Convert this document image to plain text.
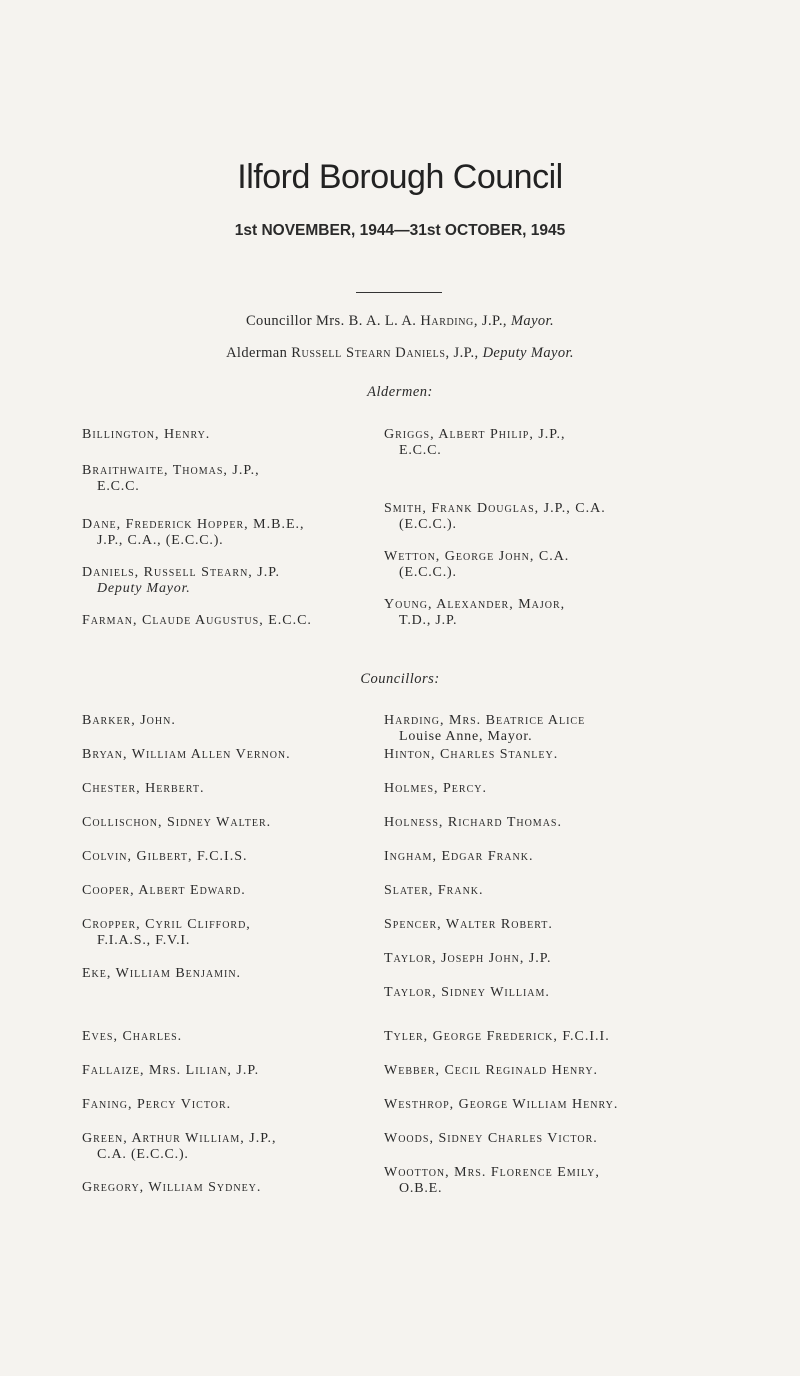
Ilford Borough Council
1st NOVEMBER, 1944—31st OCTOBER, 1945
Councillor Mrs. B. A. L. A. Harding, J.P., Mayor.
Alderman Russell Stearn Daniels, J.P., Deputy Mayor.
Aldermen:
Billington, Henry.
Braithwaite, Thomas, J.P.,
E.C.C.
Dane, Frederick Hopper, M.B.E.,
J.P., C.A., (E.C.C.).
Daniels, Russell Stearn, J.P.
Deputy Mayor.
Farman, Claude Augustus, E.C.C.
Griggs, Albert Philip, J.P.,
E.C.C.
Smith, Frank Douglas, J.P., C.A.
(E.C.C.).
Wetton, George John, C.A.
(E.C.C.).
Young, Alexander, Major,
T.D., J.P.
Councillors:
Barker, John.
Bryan, William Allen Vernon.
Chester, Herbert.
Collischon, Sidney Walter.
Colvin, Gilbert, F.C.I.S.
Cooper, Albert Edward.
Cropper, Cyril Clifford,
F.I.A.S., F.V.I.
Eke, William Benjamin.
Eves, Charles.
Fallaize, Mrs. Lilian, J.P.
Faning, Percy Victor.
Green, Arthur William, J.P.,
C.A. (E.C.C.).
Gregory, William Sydney.
Harding, Mrs. Beatrice Alice
Louise Anne, Mayor.
Hinton, Charles Stanley.
Holmes, Percy.
Holness, Richard Thomas.
Ingham, Edgar Frank.
Slater, Frank.
Spencer, Walter Robert.
Taylor, Joseph John, J.P.
Taylor, Sidney William.
Tyler, George Frederick, F.C.I.I.
Webber, Cecil Reginald Henry.
Westhrop, George William Henry.
Woods, Sidney Charles Victor.
Wootton, Mrs. Florence Emily,
O.B.E.
